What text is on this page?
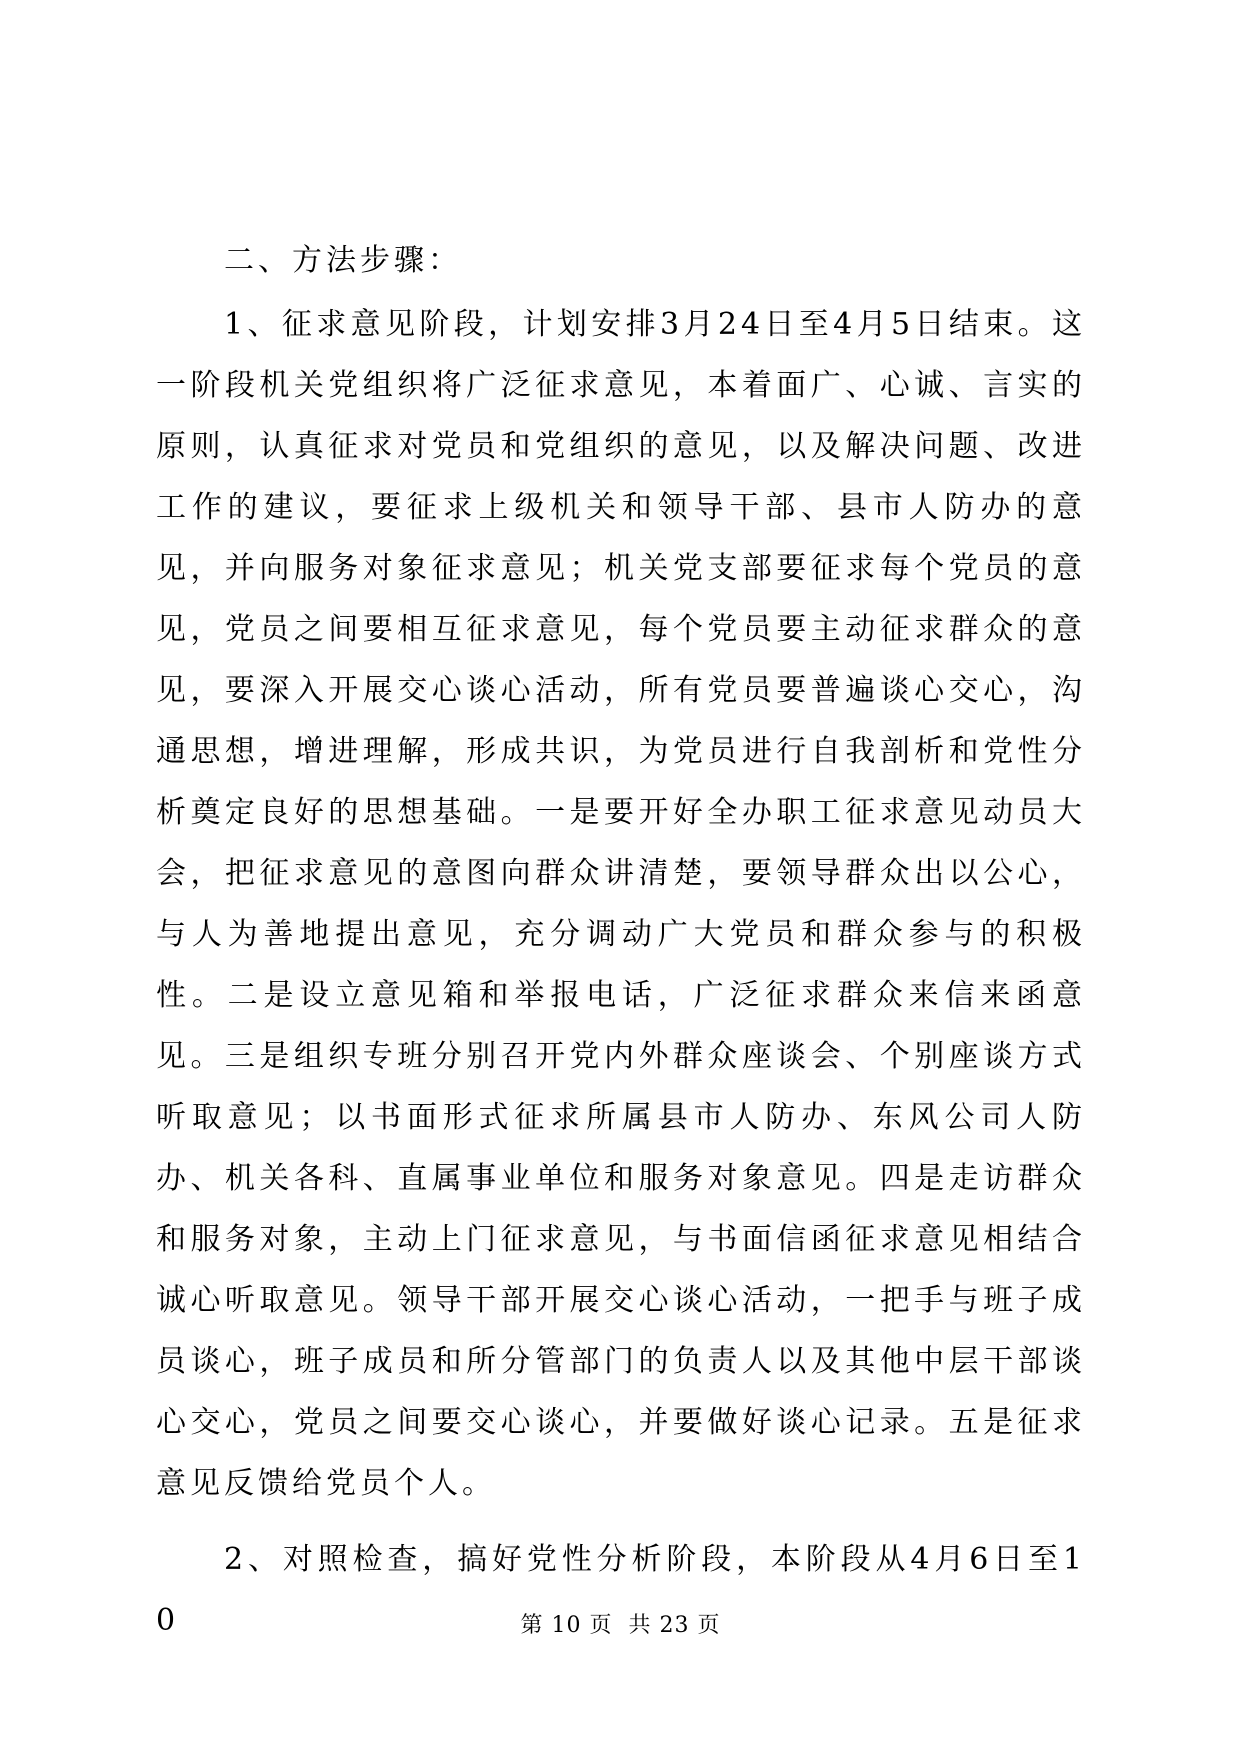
二、方法步骤：

1、征求意见阶段，计划安排3月24日至4月5日结束。这一阶段机关党组织将广泛征求意见，本着面广、心诚、言实的原则，认真征求对党员和党组织的意见，以及解决问题、改进工作的建议，要征求上级机关和领导干部、县市人防办的意见，并向服务对象征求意见；机关党支部要征求每个党员的意见，党员之间要相互征求意见，每个党员要主动征求群众的意见，要深入开展交心谈心活动，所有党员要普遍谈心交心，沟通思想，增进理解，形成共识，为党员进行自我剖析和党性分析奠定良好的思想基础。一是要开好全办职工征求意见动员大会，把征求意见的意图向群众讲清楚，要领导群众出以公心，与人为善地提出意见，充分调动广大党员和群众参与的积极性。二是设立意见箱和举报电话，广泛征求群众来信来函意见。三是组织专班分别召开党内外群众座谈会、个别座谈方式听取意见；以书面形式征求所属县市人防办、东风公司人防办、机关各科、直属事业单位和服务对象意见。四是走访群众和服务对象，主动上门征求意见，与书面信函征求意见相结合诚心听取意见。领导干部开展交心谈心活动，一把手与班子成员谈心，班子成员和所分管部门的负责人以及其他中层干部谈心交心，党员之间要交心谈心，并要做好谈心记录。五是征求意见反馈给党员个人。

2、对照检查，搞好党性分析阶段，本阶段从4月6日至10	第 10 页  共 23 页
